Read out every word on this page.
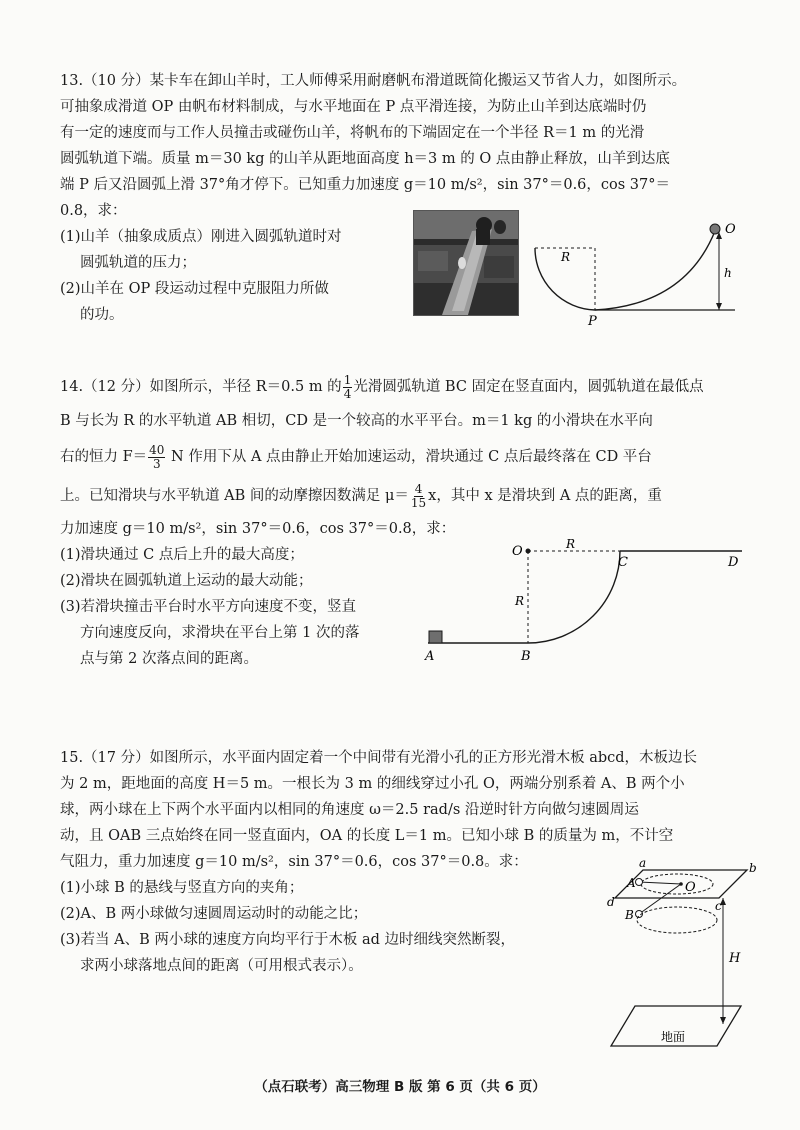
13.（10 分）某卡车在卸山羊时，工人师傅采用耐磨帆布滑道既简化搬运又节省人力，如图所示。

可抽象成滑道 OP 由帆布材料制成，与水平地面在 P 点平滑连接，为防止山羊到达底端时仍

有一定的速度而与工作人员撞击或碰伤山羊，将帆布的下端固定在一个半径 R＝1 m 的光滑

圆弧轨道下端。质量 m＝30 kg 的山羊从距地面高度 h＝3 m 的 O 点由静止释放，山羊到达底

端 P 后又沿圆弧上滑 37°角才停下。已知重力加速度 g＝10 m/s²，sin 37°＝0.6，cos 37°＝

0.8，求：

(1)山羊（抽象成质点）刚进入圆弧轨道时对

圆弧轨道的压力；

(2)山羊在 OP 段运动过程中克服阻力所做

的功。

R
O
h
P

14.（12 分）如图所示，半径 R＝0.5 m 的 $\frac{1}{4}$ 光滑圆弧轨道 BC 固定在竖直面内，圆弧轨道在最低点

B 与长为 R 的水平轨道 AB 相切，CD 是一个较高的水平平台。m＝1 kg 的小滑块在水平向

右的恒力 $F= \frac{40}{3}$ N 作用下从 A 点由静止开始加速运动，滑块通过 C 点后最终落在 CD 平台

上。已知滑块与水平轨道 AB 间的动摩擦因数满足 $\mu= \frac{4}{15}$ x，其中 x 是滑块到 A 点的距离，重

力加速度 g＝10 m/s²，sin 37°＝0.6，cos 37°＝0.8，求：

(1)滑块通过 C 点后上升的最大高度；

(2)滑块在圆弧轨道上运动的最大动能；

(3)若滑块撞击平台时水平方向速度不变，竖直

方向速度反向，求滑块在平台上第 1 次的落

点与第 2 次落点间的距离。

O	R
R
C	D
A	B

15.（17 分）如图所示，水平面内固定着一个中间带有光滑小孔的正方形光滑木板 abcd，木板边长

为 2 m，距地面的高度 H＝5 m。一根长为 3 m 的细线穿过小孔 O，两端分别系着 A、B 两个小

球，两小球在上下两个水平面内以相同的角速度 ω＝2.5 rad/s 沿逆时针方向做匀速圆周运

动，且 OAB 三点始终在同一竖直面内，OA 的长度 L＝1 m。已知小球 B 的质量为 m，不计空

气阻力，重力加速度 g＝10 m/s²，sin 37°＝0.6，cos 37°＝0.8。求：

(1)小球 B 的悬线与竖直方向的夹角；

(2)A、B 两小球做匀速圆周运动时的动能之比；

(3)若当 A、B 两小球的速度方向均平行于木板 ad 边时细线突然断裂，

求两小球落地点间的距离（可用根式表示）。

a	b
c
d
A	O
B
H
地面
（点石联考）高三物理 B 版 第 6 页（共 6 页）
